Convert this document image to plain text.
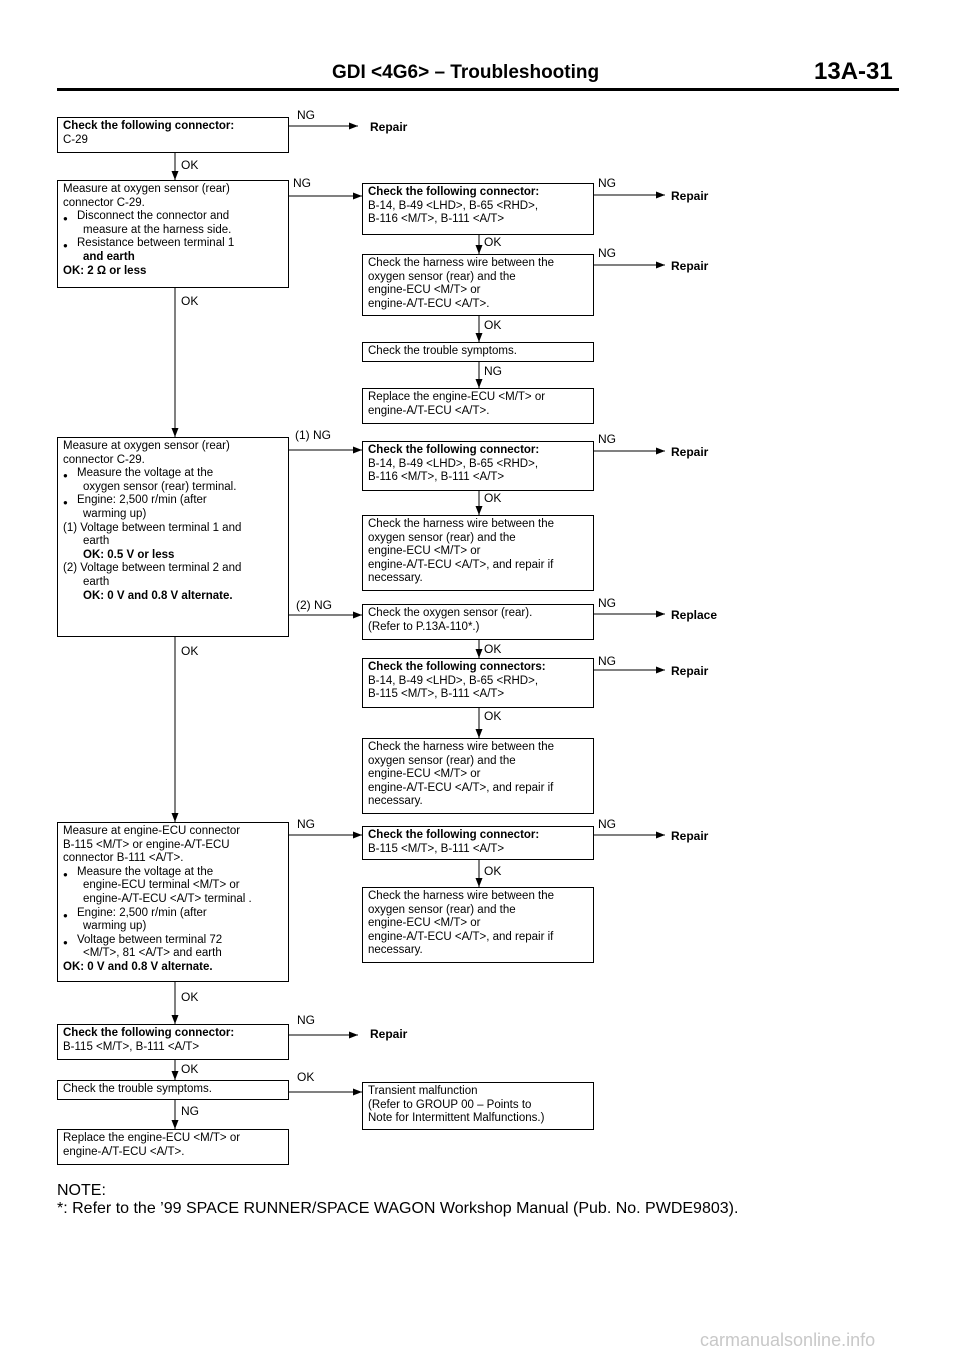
GDI <4G6> – Troubleshooting	13A-31
Check the following connector:
C-29
Measure at oxygen sensor (rear)
connector C-29.
● Disconnect the connector and
measure at the harness side.
● Resistance between terminal 1
and earth
OK: 2 Ω or less
Check the following connector:
B-14, B-49 <LHD>, B-65 <RHD>,
B-116 <M/T>, B-111 <A/T>
Check the harness wire between the
oxygen sensor (rear) and the
engine-ECU <M/T> or
engine-A/T-ECU <A/T>.
Check the trouble symptoms.
Replace the engine-ECU <M/T> or
engine-A/T-ECU <A/T>.
Measure at oxygen sensor (rear)
connector C-29.
● Measure the voltage at the
oxygen sensor (rear) terminal.
● Engine: 2,500 r/min (after
warming up)
(1) Voltage between terminal 1 and
earth
OK: 0.5 V or less
(2) Voltage between terminal 2 and
earth
OK: 0 V and 0.8 V alternate.
Check the following connector:
B-14, B-49 <LHD>, B-65 <RHD>,
B-116 <M/T>, B-111 <A/T>
Check the harness wire between the
oxygen sensor (rear) and the
engine-ECU <M/T> or
engine-A/T-ECU <A/T>, and repair if
necessary.
Check the oxygen sensor (rear).
(Refer to P.13A-110*.)
Check the following connectors:
B-14, B-49 <LHD>, B-65 <RHD>,
B-115 <M/T>, B-111 <A/T>
Check the harness wire between the
oxygen sensor (rear) and the
engine-ECU <M/T> or
engine-A/T-ECU <A/T>, and repair if
necessary.
Measure at engine-ECU connector
B-115 <M/T> or engine-A/T-ECU
connector B-111 <A/T>.
● Measure the voltage at the
engine-ECU terminal <M/T> or
engine-A/T-ECU <A/T> terminal .
● Engine: 2,500 r/min (after
warming up)
● Voltage between terminal 72
<M/T>, 81 <A/T> and earth
OK: 0 V and 0.8 V alternate.
Check the following connector:
B-115 <M/T>, B-111 <A/T>
Check the harness wire between the
oxygen sensor (rear) and the
engine-ECU <M/T> or
engine-A/T-ECU <A/T>, and repair if
necessary.
Check the following connector:
B-115 <M/T>, B-111 <A/T>
Check the trouble symptoms.	Transient malfunction
(Refer to GROUP 00 – Points to
Note for Intermittent Malfunctions.)
Replace the engine-ECU <M/T> or
engine-A/T-ECU <A/T>.
NG
OK
NG
OK
NG
OK
NG
OK
NG
(1) NG	NG
OK
(2) NG	NG
OK	OK
NG
OK
NG	NG
OK
OK
NG
OK
OK
NG
Repair
Repair
Repair
Repair
Replace
Repair
Repair
Repair
NOTE:
*: Refer to the ’99 SPACE RUNNER/SPACE WAGON Workshop Manual (Pub. No. PWDE9803).
carmanualsonline.info
